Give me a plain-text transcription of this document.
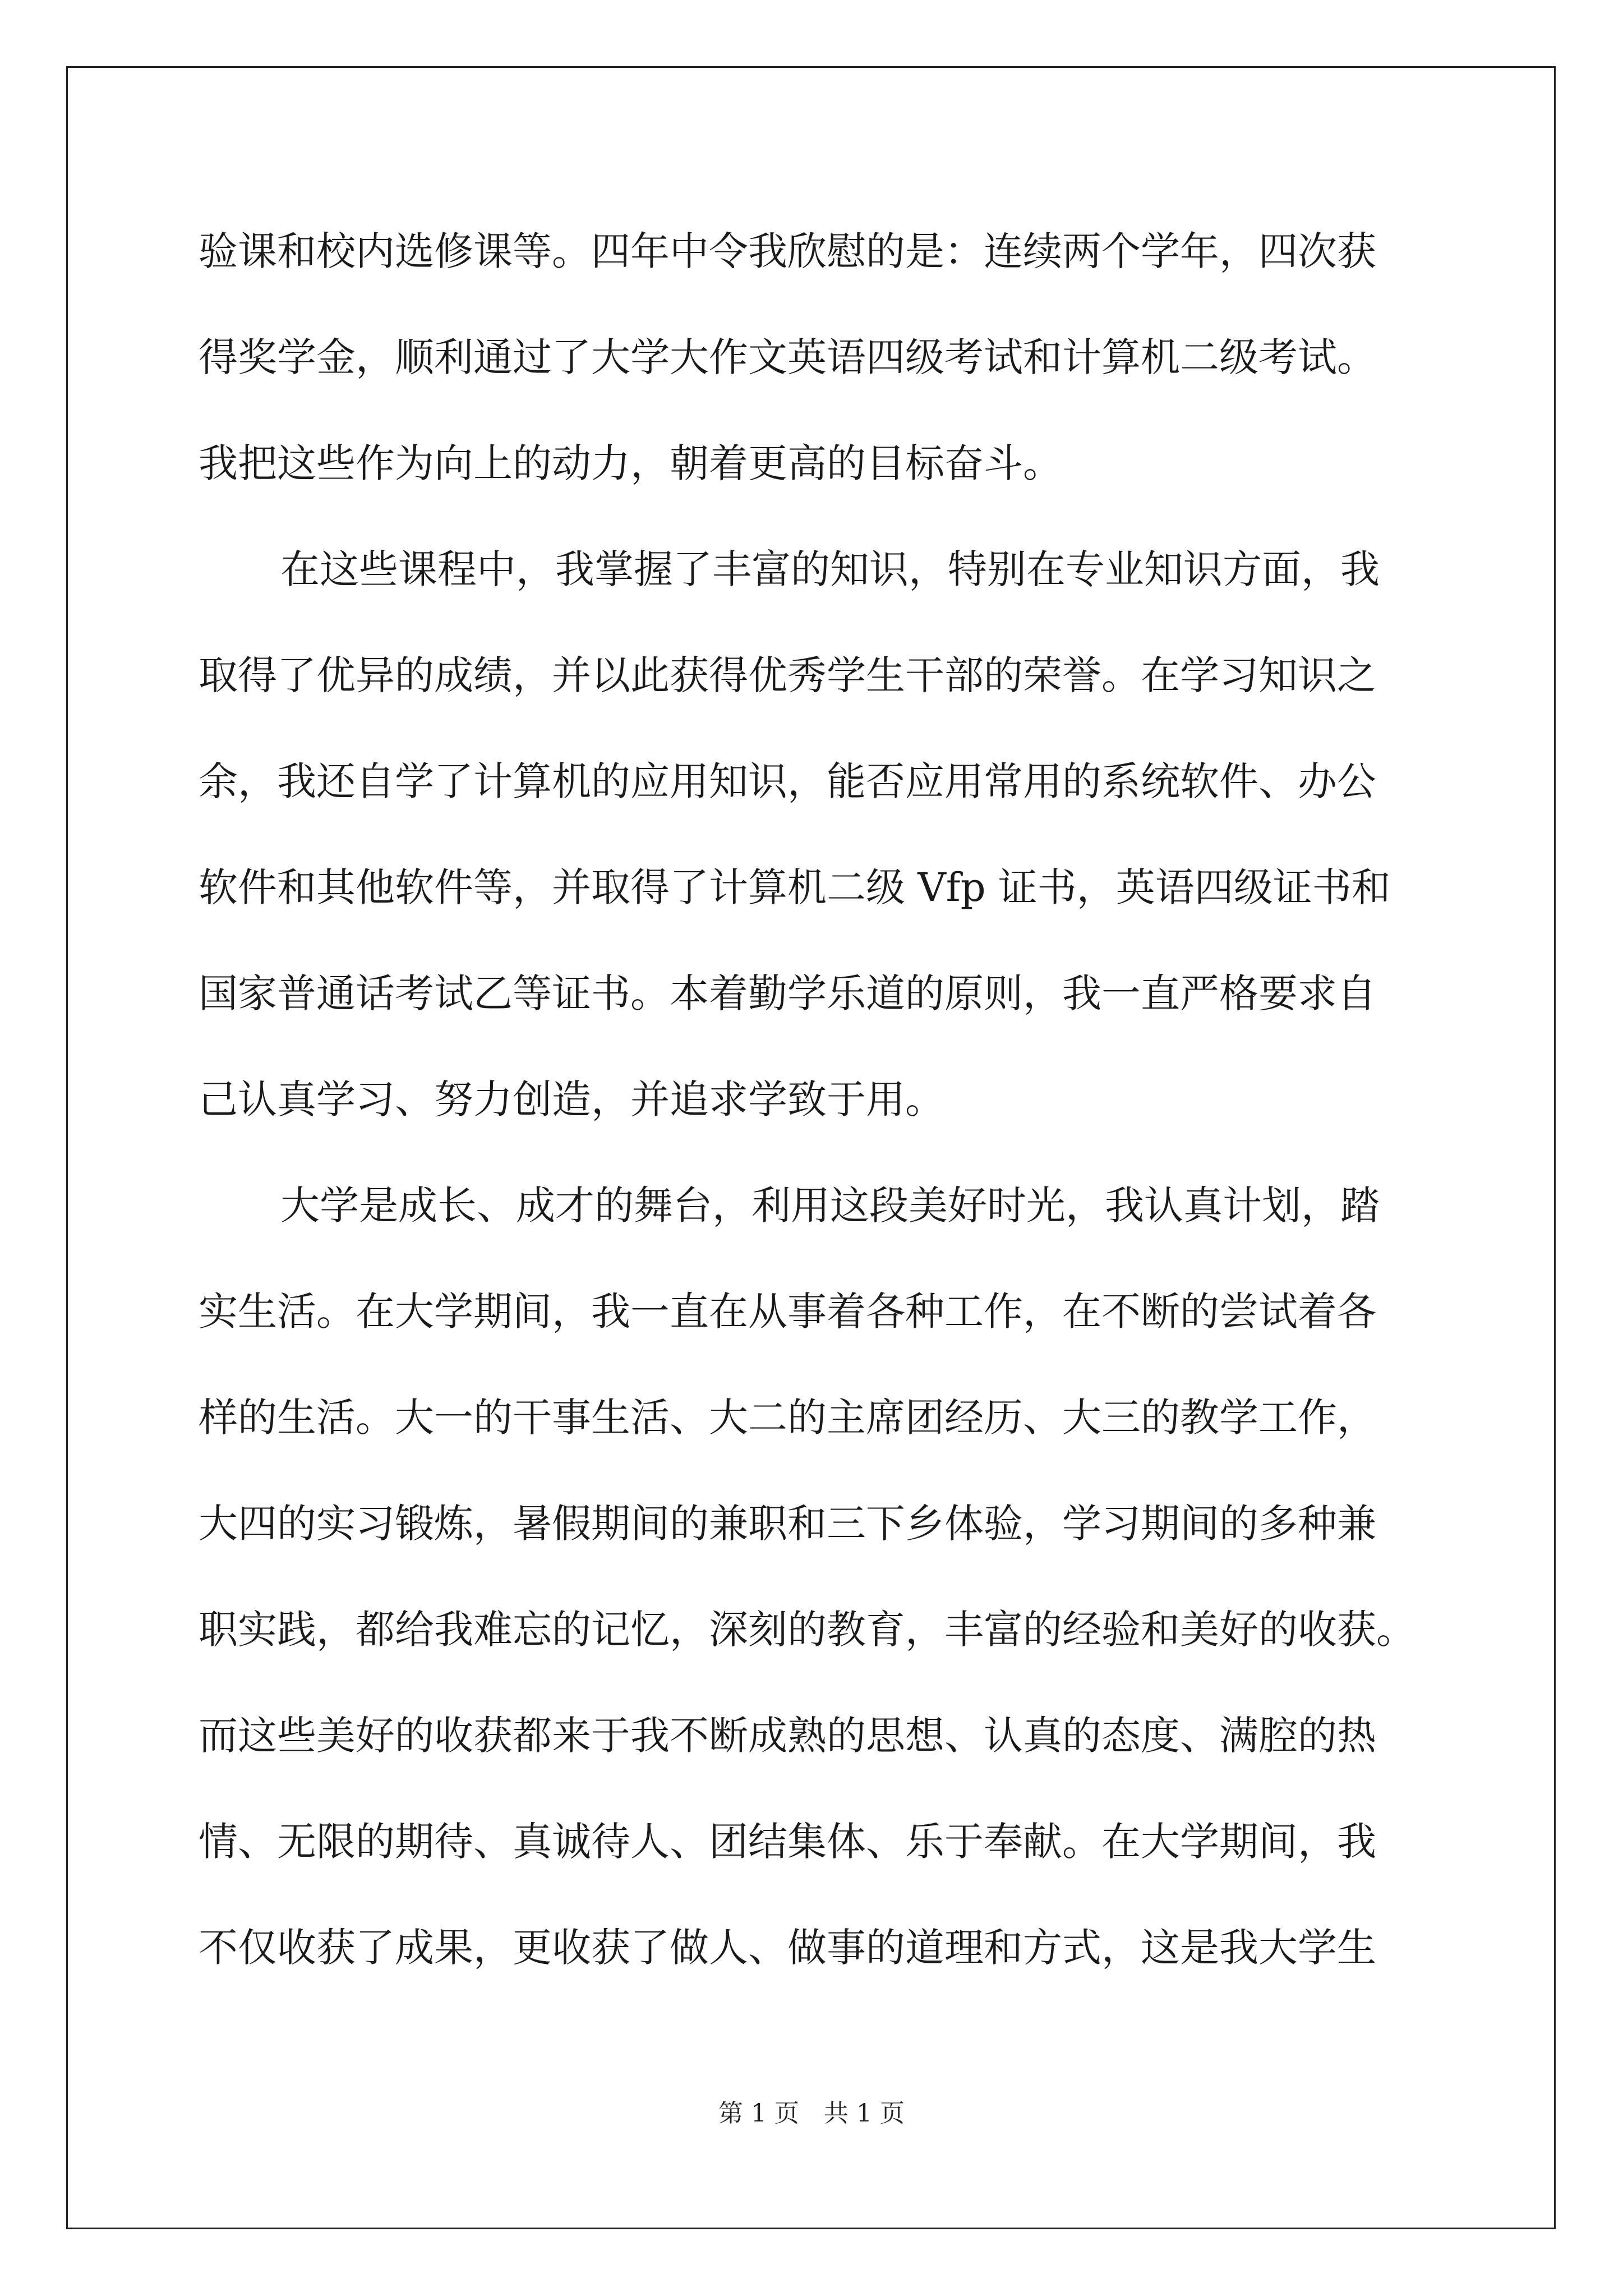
验课和校内选修课等。四年中令我欣慰的是：连续两个学年，四次获
得奖学金，顺利通过了大学大作文英语四级考试和计算机二级考试。
我把这些作为向上的动力，朝着更高的目标奋斗。
在这些课程中，我掌握了丰富的知识，特别在专业知识方面，我
取得了优异的成绩，并以此获得优秀学生干部的荣誉。在学习知识之
余，我还自学了计算机的应用知识，能否应用常用的系统软件、办公
软件和其他软件等，并取得了计算机二级 Vfp 证书，英语四级证书和
国家普通话考试乙等证书。本着勤学乐道的原则，我一直严格要求自
己认真学习、努力创造，并追求学致于用。
大学是成长、成才的舞台，利用这段美好时光，我认真计划，踏
实生活。在大学期间，我一直在从事着各种工作，在不断的尝试着各
样的生活。大一的干事生活、大二的主席团经历、大三的教学工作，
大四的实习锻炼，暑假期间的兼职和三下乡体验，学习期间的多种兼
职实践，都给我难忘的记忆，深刻的教育，丰富的经验和美好的收获。
而这些美好的收获都来于我不断成熟的思想、认真的态度、满腔的热
情、无限的期待、真诚待人、团结集体、乐于奉献。在大学期间，我
不仅收获了成果，更收获了做人、做事的道理和方式，这是我大学生
第 1 页　共 1 页
